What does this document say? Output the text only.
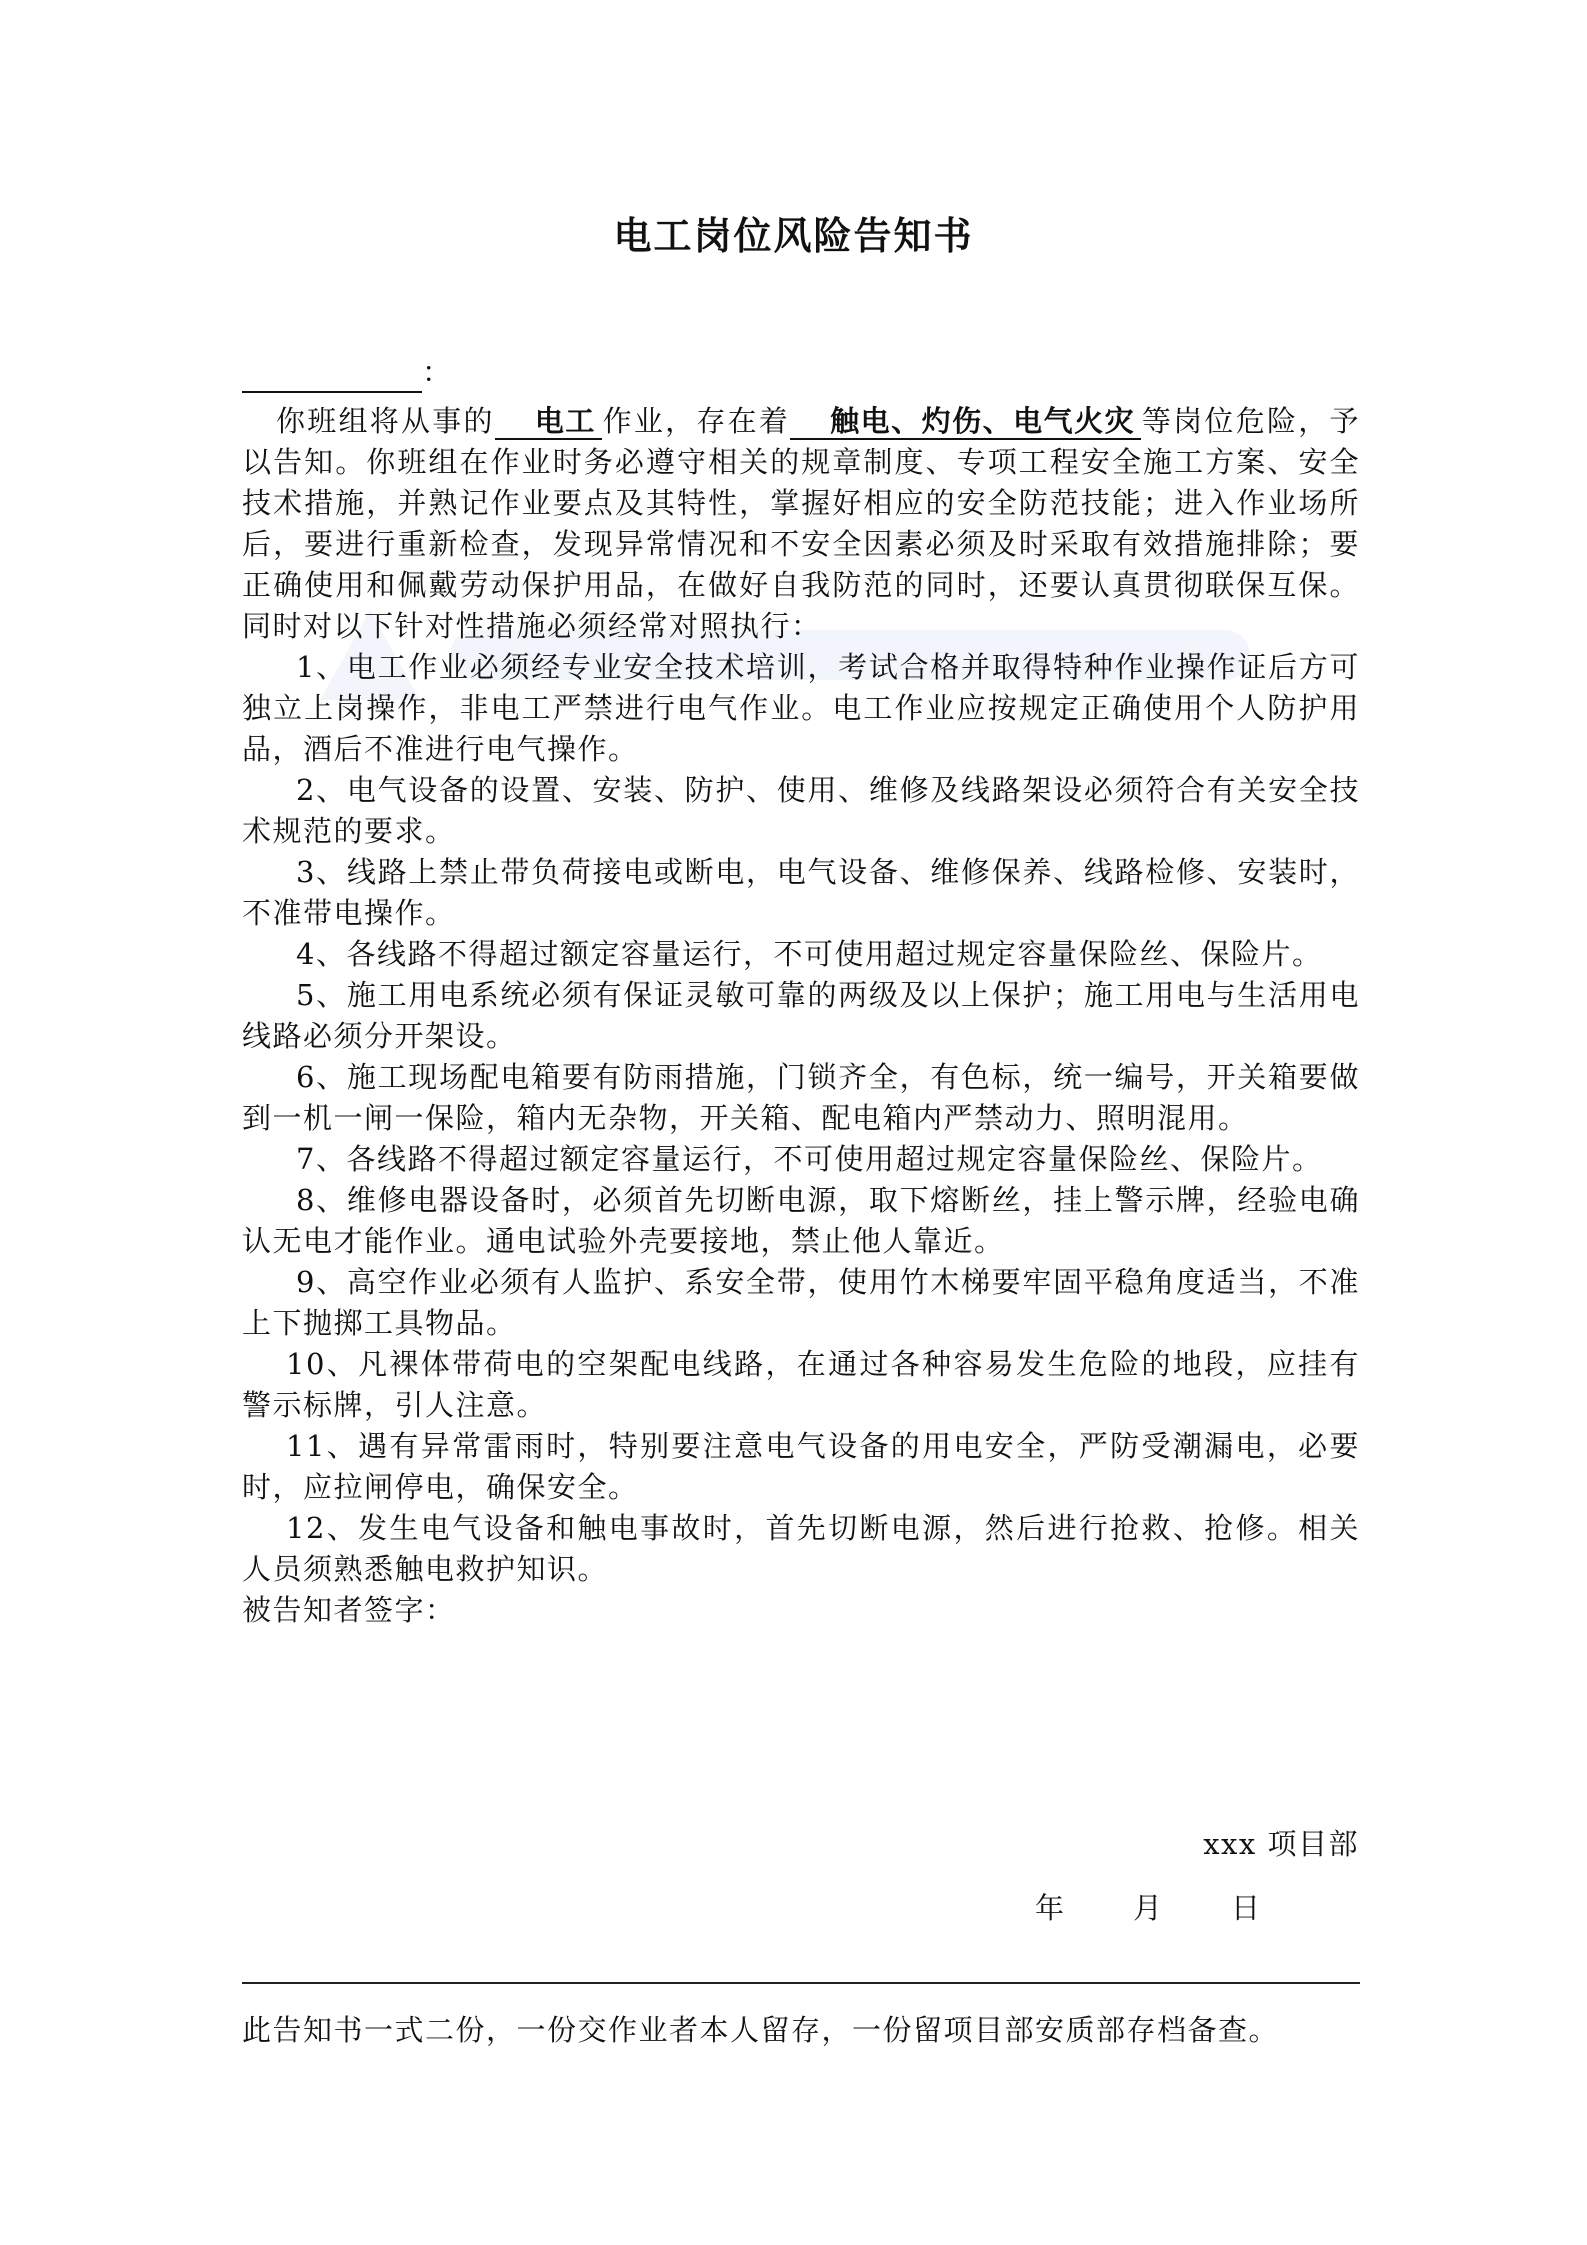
电工岗位风险告知书
：
你班组将从事的 电工 作业，存在着 触电、灼伤、电气火灾 等岗位危险，予以告知。你班组在作业时务必遵守相关的规章制度、专项工程安全施工方案、安全技术措施，并熟记作业要点及其特性，掌握好相应的安全防范技能；进入作业场所后，要进行重新检查，发现异常情况和不安全因素必须及时采取有效措施排除；要正确使用和佩戴劳动保护用品，在做好自我防范的同时，还要认真贯彻联保互保。同时对以下针对性措施必须经常对照执行：
1、电工作业必须经专业安全技术培训，考试合格并取得特种作业操作证后方可独立上岗操作，非电工严禁进行电气作业。电工作业应按规定正确使用个人防护用品，酒后不准进行电气操作。
2、电气设备的设置、安装、防护、使用、维修及线路架设必须符合有关安全技术规范的要求。
3、线路上禁止带负荷接电或断电，电气设备、维修保养、线路检修、安装时，不准带电操作。
4、各线路不得超过额定容量运行，不可使用超过规定容量保险丝、保险片。
5、施工用电系统必须有保证灵敏可靠的两级及以上保护；施工用电与生活用电线路必须分开架设。
6、施工现场配电箱要有防雨措施，门锁齐全，有色标，统一编号，开关箱要做到一机一闸一保险，箱内无杂物，开关箱、配电箱内严禁动力、照明混用。
7、各线路不得超过额定容量运行，不可使用超过规定容量保险丝、保险片。
8、维修电器设备时，必须首先切断电源，取下熔断丝，挂上警示牌，经验电确认无电才能作业。通电试验外壳要接地，禁止他人靠近。
9、高空作业必须有人监护、系安全带，使用竹木梯要牢固平稳角度适当，不准上下抛掷工具物品。
10、凡裸体带荷电的空架配电线路，在通过各种容易发生危险的地段，应挂有警示标牌，引人注意。
11、遇有异常雷雨时，特别要注意电气设备的用电安全，严防受潮漏电，必要时，应拉闸停电，确保安全。
12、发生电气设备和触电事故时，首先切断电源，然后进行抢救、抢修。相关人员须熟悉触电救护知识。
被告知者签字：
xxx 项目部
年 月 日
此告知书一式二份，一份交作业者本人留存，一份留项目部安质部存档备查。
